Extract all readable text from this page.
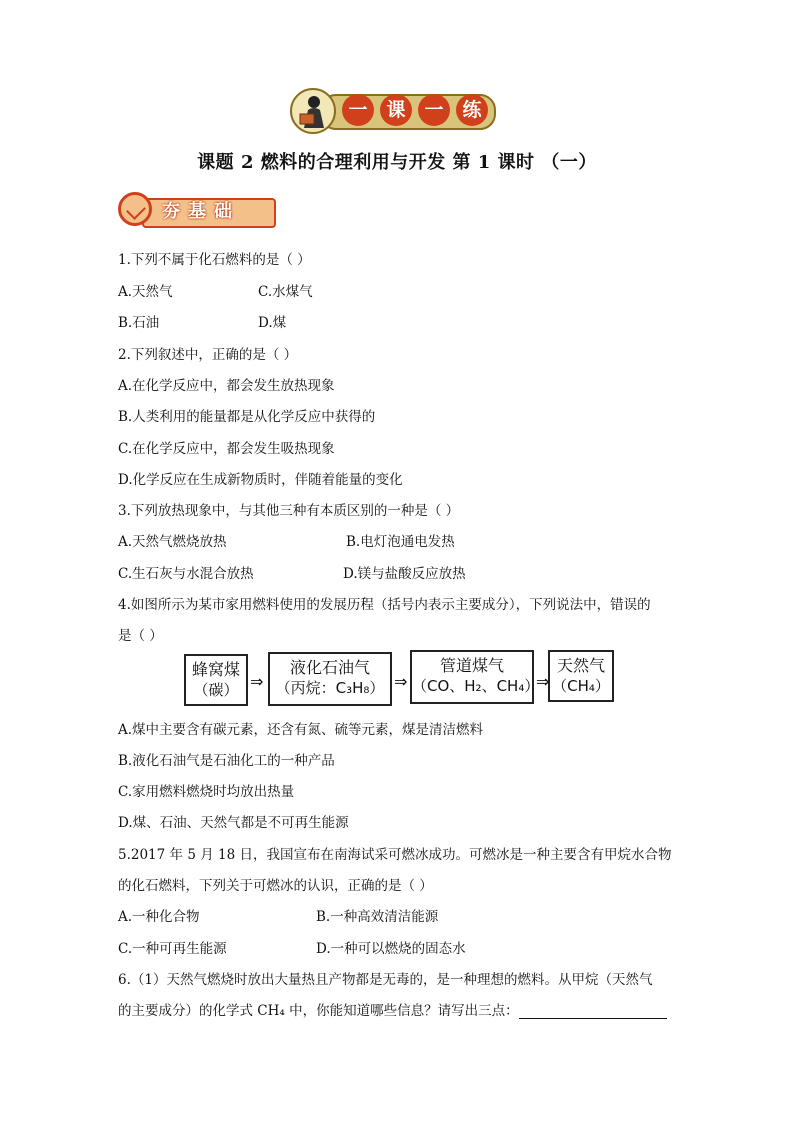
一 课 一 练
课题 2 燃料的合理利用与开发 第 1 课时 （一）
夯基础
1.下列不属于化石燃料的是（ ）
A.天然气	C.水煤气
B.石油	D.煤
2.下列叙述中，正确的是（ ）
A.在化学反应中，都会发生放热现象
B.人类利用的能量都是从化学反应中获得的
C.在化学反应中，都会发生吸热现象
D.化学反应在生成新物质时，伴随着能量的变化
3.下列放热现象中，与其他三种有本质区别的一种是（ ）
A.天然气燃烧放热	B.电灯泡通电发热
C.生石灰与水混合放热	D.镁与盐酸反应放热
4.如图所示为某市家用燃料使用的发展历程（括号内表示主要成分），下列说法中，错误的
是（ ）
蜂窝煤
（碳） ⇒
液化石油气
（丙烷：C₃H₈） ⇒
管道煤气
（CO、H₂、CH₄）
⇒
天然气
（CH₄）
A.煤中主要含有碳元素，还含有氮、硫等元素，煤是清洁燃料
B.液化石油气是石油化工的一种产品
C.家用燃料燃烧时均放出热量
D.煤、石油、天然气都是不可再生能源
5.2017 年 5 月 18 日，我国宣布在南海试采可燃冰成功。可燃冰是一种主要含有甲烷水合物
的化石燃料，下列关于可燃冰的认识，正确的是（ ）
A.一种化合物	B.一种高效清洁能源
C.一种可再生能源	D.一种可以燃烧的固态水
6.（1）天然气燃烧时放出大量热且产物都是无毒的，是一种理想的燃料。从甲烷（天然气
的主要成分）的化学式 CH₄ 中，你能知道哪些信息？请写出三点：
